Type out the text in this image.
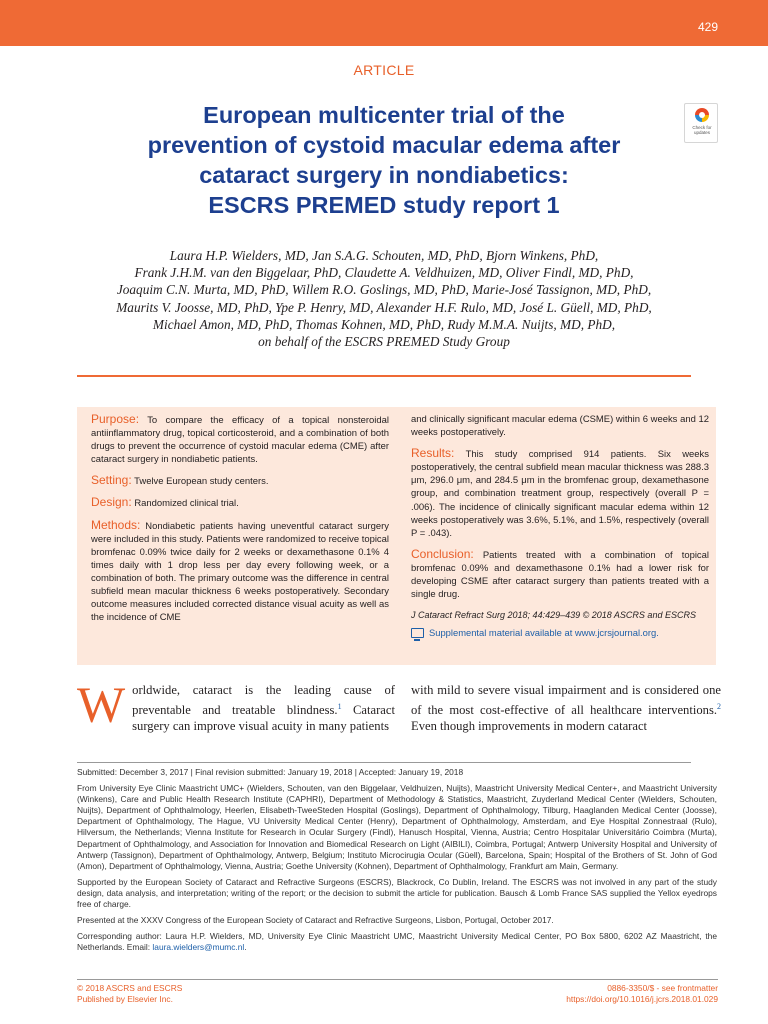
429
ARTICLE
European multicenter trial of the
prevention of cystoid macular edema after
cataract surgery in nondiabetics:
ESCRS PREMED study report 1
Check for
updates
Laura H.P. Wielders, MD, Jan S.A.G. Schouten, MD, PhD, Bjorn Winkens, PhD,
Frank J.H.M. van den Biggelaar, PhD, Claudette A. Veldhuizen, MD, Oliver Findl, MD, PhD,
Joaquim C.N. Murta, MD, PhD, Willem R.O. Goslings, MD, PhD, Marie-José Tassignon, MD, PhD,
Maurits V. Joosse, MD, PhD, Ype P. Henry, MD, Alexander H.F. Rulo, MD, José L. Güell, MD, PhD,
Michael Amon, MD, PhD, Thomas Kohnen, MD, PhD, Rudy M.M.A. Nuijts, MD, PhD,
on behalf of the ESCRS PREMED Study Group

Purpose: To compare the efficacy of a topical nonsteroidal antiinflammatory drug, topical corticosteroid, and a combination of both drugs to prevent the occurrence of cystoid macular edema (CME) after cataract surgery in nondiabetic patients.

Setting: Twelve European study centers.

Design: Randomized clinical trial.

Methods: Nondiabetic patients having uneventful cataract surgery were included in this study. Patients were randomized to receive topical bromfenac 0.09% twice daily for 2 weeks or dexamethasone 0.1% 4 times daily with 1 drop less per day every following week, or a combination of both. The primary outcome was the difference in central subfield mean macular thickness 6 weeks postoperatively. Secondary outcome measures included corrected distance visual acuity as well as the incidence of CME

and clinically significant macular edema (CSME) within 6 weeks and 12 weeks postoperatively.

Results: This study comprised 914 patients. Six weeks postoperatively, the central subfield mean macular thickness was 288.3 μm, 296.0 μm, and 284.5 μm in the bromfenac group, dexamethasone group, and combination treatment group, respectively (overall P = .006). The incidence of clinically significant macular edema within 12 weeks postoperatively was 3.6%, 5.1%, and 1.5%, respectively (overall P = .043).

Conclusion: Patients treated with a combination of topical bromfenac 0.09% and dexamethasone 0.1% had a lower risk for developing CSME after cataract surgery than patients treated with a single drug.

J Cataract Refract Surg 2018; 44:429–439 © 2018 ASCRS and ESCRS

Supplemental material available at www.jcrsjournal.org.
W orldwide, cataract is the leading cause of preventable and treatable blindness.$^1$ Cataract surgery can improve visual acuity in many patients

with mild to severe visual impairment and is considered one of the most cost-effective of all healthcare interventions.$^2$ Even though improvements in modern cataract

Submitted: December 3, 2017 | Final revision submitted: January 19, 2018 | Accepted: January 19, 2018

From University Eye Clinic Maastricht UMC+ (Wielders, Schouten, van den Biggelaar, Veldhuizen, Nuijts), Maastricht University Medical Center+, and Maastricht University (Winkens), Care and Public Health Research Institute (CAPHRI), Department of Methodology & Statistics, Maastricht, Zuyderland Medical Center (Wielders, Schouten, Nuijts), Department of Ophthalmology, Heerlen, Elisabeth-TweeSteden Hospital (Goslings), Department of Ophthalmology, Tilburg, Haaglanden Medical Center (Joosse), Department of Ophthalmology, The Hague, VU University Medical Center (Henry), Department of Ophthalmology, Amsterdam, and Eye Hospital Zonnestraal (Rulo), Hilversum, the Netherlands; Vienna Institute for Research in Ocular Surgery (Findl), Hanusch Hospital, Vienna, Austria; Centro Hospitalar Universitário Coimbra (Murta), Department of Ophthalmology, and Association for Innovation and Biomedical Research on Light (AIBILI), Coimbra, Portugal; Antwerp University Hospital and University of Antwerp (Tassignon), Department of Ophthalmology, Antwerp, Belgium; Instituto Microcirugia Ocular (Güell), Barcelona, Spain; Hospital of the Brothers of St. John of God (Amon), Department of Ophthalmology, Vienna, Austria; Goethe University (Kohnen), Department of Ophthalmology, Frankfurt am Main, Germany.

Supported by the European Society of Cataract and Refractive Surgeons (ESCRS), Blackrock, Co Dublin, Ireland. The ESCRS was not involved in any part of the study design, data analysis, and interpretation; writing of the report; or the decision to submit the article for publication. Bausch & Lomb France SAS supplied the Yellox eyedrops free of charge.

Presented at the XXXV Congress of the European Society of Cataract and Refractive Surgeons, Lisbon, Portugal, October 2017.

Corresponding author: Laura H.P. Wielders, MD, University Eye Clinic Maastricht UMC, Maastricht University Medical Center, PO Box 5800, 6202 AZ Maastricht, the Netherlands. Email: laura.wielders@mumc.nl.

© 2018 ASCRS and ESCRS
Published by Elsevier Inc.
0886-3350/$ - see frontmatter
https://doi.org/10.1016/j.jcrs.2018.01.029
